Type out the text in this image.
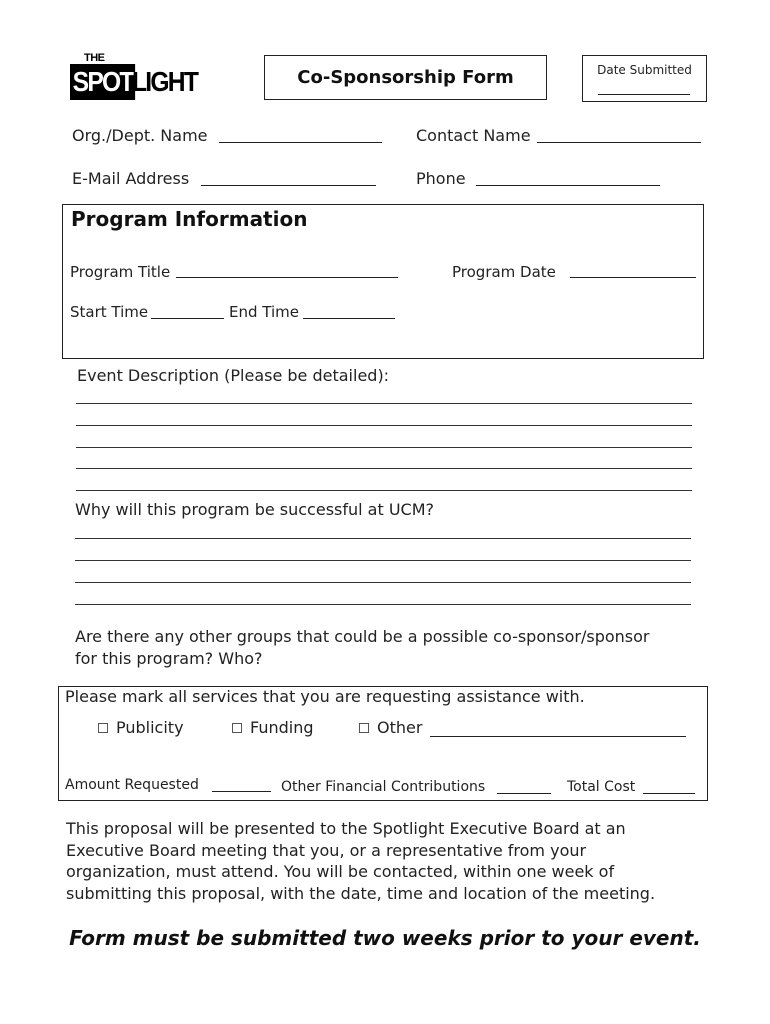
THE
SPOT LIGHT	Co-Sponsorship Form	Date Submitted
Org./Dept. Name	Contact Name
E-Mail Address	Phone
Program Information
Program Title	Program Date
Start Time	End Time
Event Description (Please be detailed):
Why will this program be successful at UCM?
Are there any other groups that could be a possible co-sponsor/sponsor
for this program? Who?
Please mark all services that you are requesting assistance with.
Publicity	Funding	Other
Amount Requested	Other Financial Contributions	Total Cost
This proposal will be presented to the Spotlight Executive Board at an
Executive Board meeting that you, or a representative from your
organization, must attend. You will be contacted, within one week of
submitting this proposal, with the date, time and location of the meeting.
Form must be submitted two weeks prior to your event.
